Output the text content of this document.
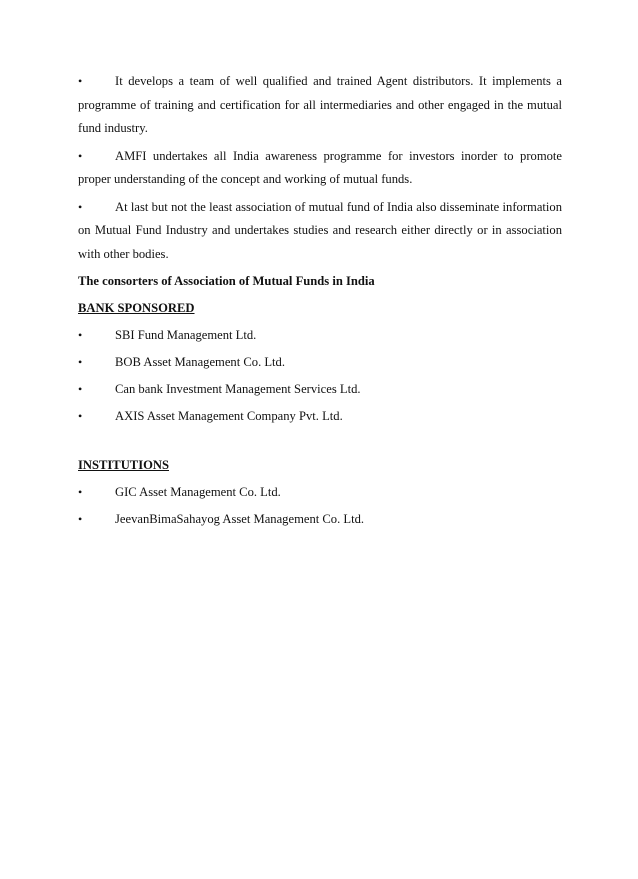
•	It develops a team of well qualified and trained Agent distributors. It implements a programme of training and certification for all intermediaries and other engaged in the mutual fund industry.

•	AMFI undertakes all India awareness programme for investors inorder to promote proper understanding of the concept and working of mutual funds.

•	At last but not the least association of mutual fund of India also disseminate information on Mutual Fund Industry and undertakes studies and research either directly or in association with other bodies.

The consorters of Association of Mutual Funds in India
BANK SPONSORED
•	SBI Fund Management Ltd.
•	BOB Asset Management Co. Ltd.
•	Can bank Investment Management Services Ltd.
•	AXIS Asset Management Company Pvt. Ltd.
INSTITUTIONS
•	GIC Asset Management Co. Ltd.
•	JeevanBimaSahayog Asset Management Co. Ltd.
